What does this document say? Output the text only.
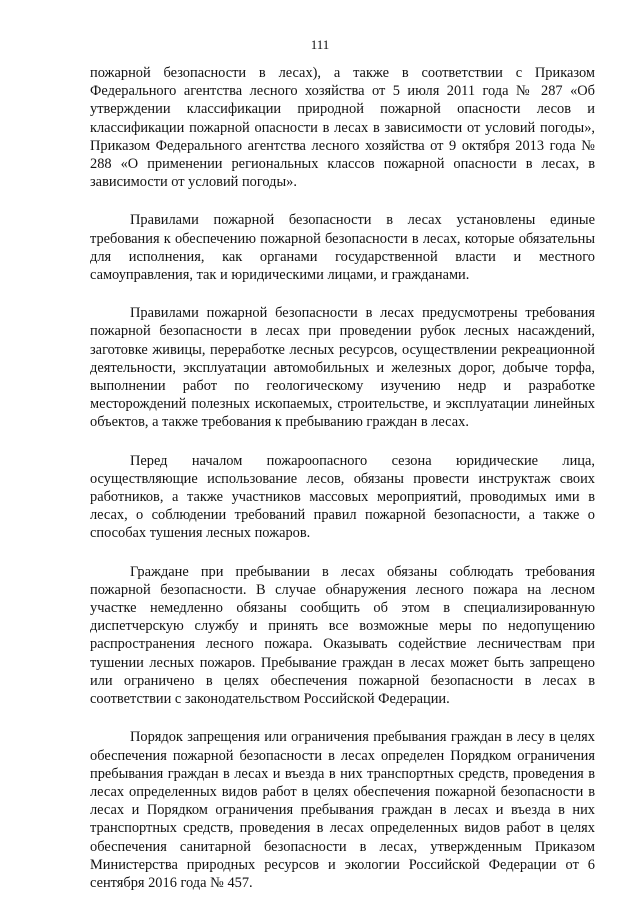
111

пожарной безопасности в лесах), а также в соответствии с Приказом Федерального агентства лесного хозяйства от 5 июля 2011 года № 287 «Об утверждении классификации природной пожарной опасности лесов и классификации пожарной опасности в лесах в зависимости от условий погоды», Приказом Федерального агентства лесного хозяйства от 9 октября 2013 года № 288 «О применении региональных классов пожарной опасности в лесах, в зависимости от условий погоды».

Правилами пожарной безопасности в лесах установлены единые требования к обеспечению пожарной безопасности в лесах, которые обязательны для исполнения, как органами государственной власти и местного самоуправления, так и юридическими лицами, и гражданами.

Правилами пожарной безопасности в лесах предусмотрены требования пожарной безопасности в лесах при проведении рубок лесных насаждений, заготовке живицы, переработке лесных ресурсов, осуществлении рекреационной деятельности, эксплуатации автомобильных и железных дорог, добыче торфа, выполнении работ по геологическому изучению недр и разработке месторождений полезных ископаемых, строительстве, и эксплуатации линейных объектов, а также требования к пребыванию граждан в лесах.

Перед началом пожароопасного сезона юридические лица, осуществляющие использование лесов, обязаны провести инструктаж своих работников, а также участников массовых мероприятий, проводимых ими в лесах, о соблюдении требований правил пожарной безопасности, а также о способах тушения лесных пожаров.

Граждане при пребывании в лесах обязаны соблюдать требования пожарной безопасности. В случае обнаружения лесного пожара на лесном участке немедленно обязаны сообщить об этом в специализированную диспетчерскую службу и принять все возможные меры по недопущению распространения лесного пожара. Оказывать содействие лесничествам при тушении лесных пожаров. Пребывание граждан в лесах может быть запрещено или ограничено в целях обеспечения пожарной безопасности в лесах в соответствии с законодательством Российской Федерации.

Порядок запрещения или ограничения пребывания граждан в лесу в целях обеспечения пожарной безопасности в лесах определен Порядком ограничения пребывания граждан в лесах и въезда в них транспортных средств, проведения в лесах определенных видов работ в целях обеспечения пожарной безопасности в лесах и Порядком ограничения пребывания граждан в лесах и въезда в них транспортных средств, проведения в лесах определенных видов работ в целях обеспечения санитарной безопасности в лесах, утвержденным Приказом Министерства природных ресурсов и экологии Российской Федерации от 6 сентября 2016 года № 457.
